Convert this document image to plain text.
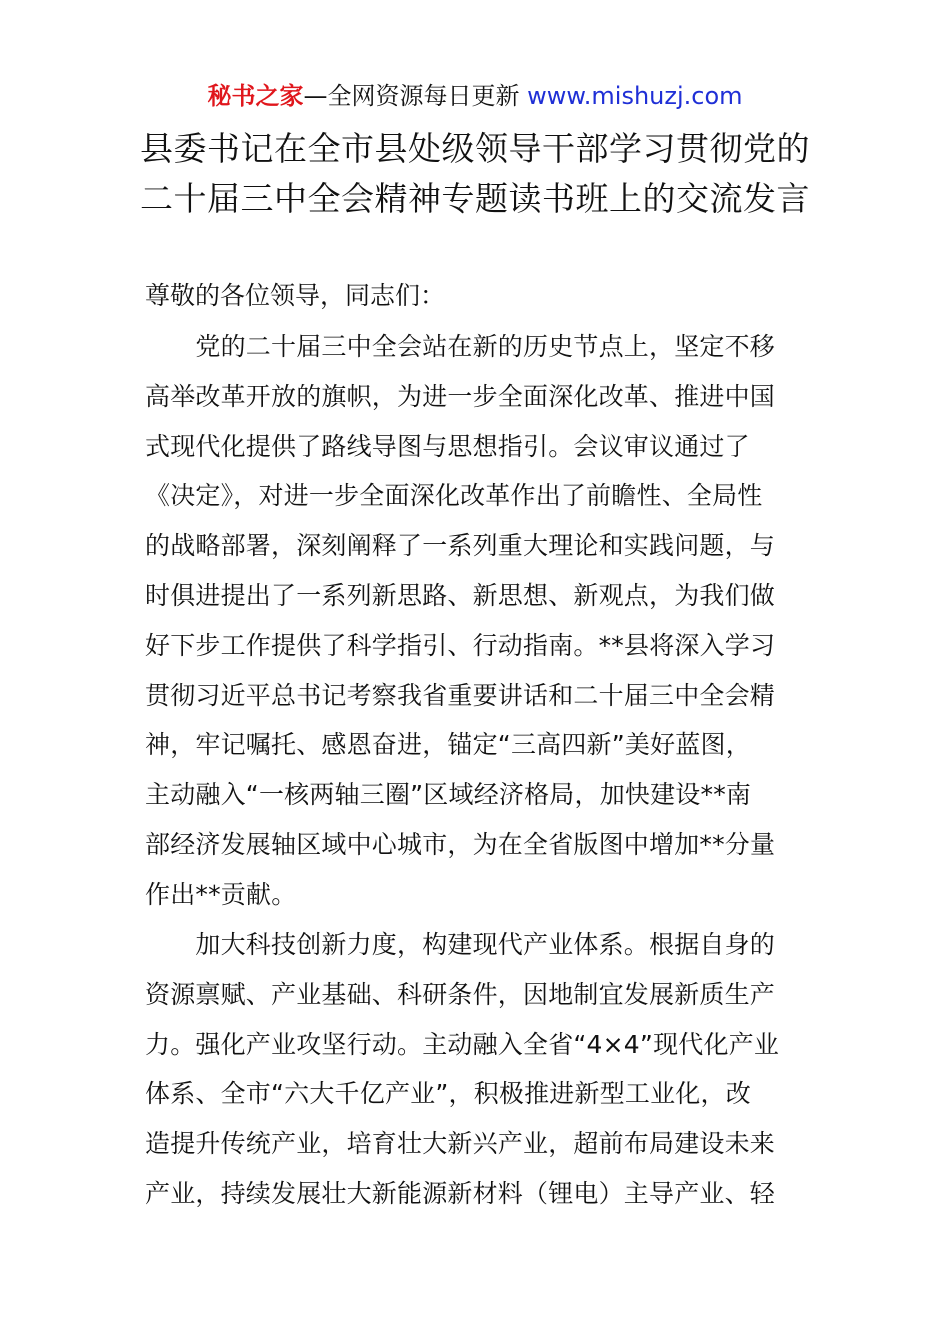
秘书之家—全网资源每日更新 www.mishuzj.com
县委书记在全市县处级领导干部学习贯彻党的
二十届三中全会精神专题读书班上的交流发言
尊敬的各位领导，同志们：
　　党的二十届三中全会站在新的历史节点上，坚定不移
高举改革开放的旗帜，为进一步全面深化改革、推进中国
式现代化提供了路线导图与思想指引。会议审议通过了
《决定》，对进一步全面深化改革作出了前瞻性、全局性
的战略部署，深刻阐释了一系列重大理论和实践问题，与
时俱进提出了一系列新思路、新思想、新观点，为我们做
好下步工作提供了科学指引、行动指南。**县将深入学习
贯彻习近平总书记考察我省重要讲话和二十届三中全会精
神，牢记嘱托、感恩奋进，锚定“三高四新”美好蓝图，
主动融入“一核两轴三圈”区域经济格局，加快建设**南
部经济发展轴区域中心城市，为在全省版图中增加**分量
作出**贡献。
　　加大科技创新力度，构建现代产业体系。根据自身的
资源禀赋、产业基础、科研条件，因地制宜发展新质生产
力。强化产业攻坚行动。主动融入全省“4×4”现代化产业
体系、全市“六大千亿产业”，积极推进新型工业化，改
造提升传统产业，培育壮大新兴产业，超前布局建设未来
产业，持续发展壮大新能源新材料（锂电）主导产业、轻
